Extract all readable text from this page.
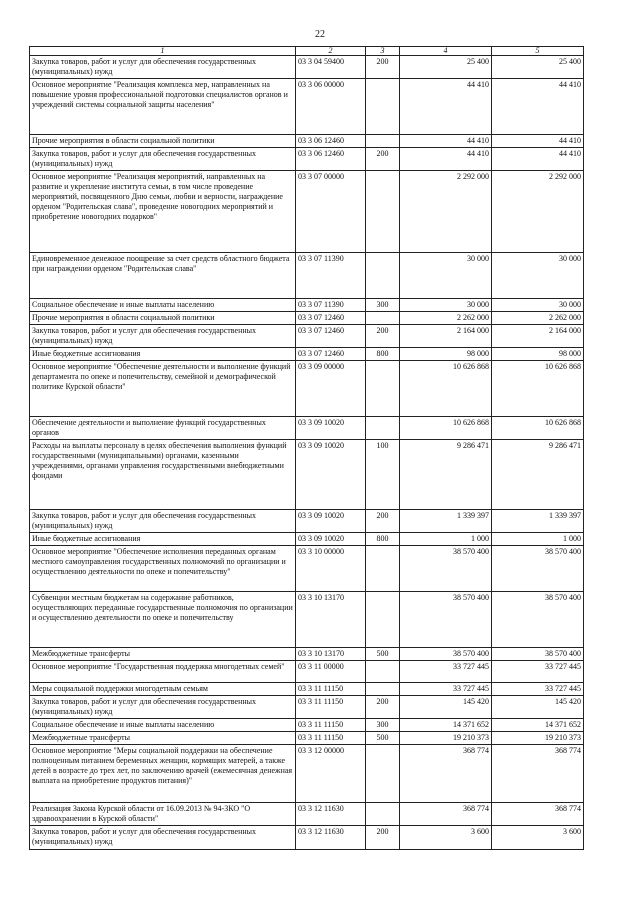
22
1	2	3	4	5
Закупка товаров, работ и услуг для обеспечения государственных (муниципальных) нужд	03 3 04 59400	200	25 400	25 400
Основное мероприятие "Реализация комплекса мер, направленных на повышение уровня профессиональной подготовки специалистов органов и учреждений системы социальной защиты населения"	03 3 06 00000		44 410	44 410
Прочие мероприятия в области социальной политики	03 3 06 12460		44 410	44 410
Закупка товаров, работ и услуг для обеспечения государственных (муниципальных) нужд	03 3 06 12460	200	44 410	44 410
Основное мероприятие "Реализация мероприятий, направленных на развитие и укрепление института семьи, в том числе проведение мероприятий, посвященного Дню семьи, любви и верности, награждение орденом "Родительская слава", проведение новогодних мероприятий и приобретение новогодних подарков"	03 3 07 00000		2 292 000	2 292 000
Единовременное денежное поощрение за счет средств областного бюджета при награждении орденом "Родительская слава"	03 3 07 11390		30 000	30 000
Социальное обеспечение и иные выплаты населению	03 3 07 11390	300	30 000	30 000
Прочие мероприятия в области социальной политики	03 3 07 12460		2 262 000	2 262 000
Закупка товаров, работ и услуг для обеспечения государственных (муниципальных) нужд	03 3 07 12460	200	2 164 000	2 164 000
Иные бюджетные ассигнования	03 3 07 12460	800	98 000	98 000
Основное мероприятие "Обеспечение деятельности и выполнение функций департамента по опеке и попечительству, семейной и демографической политике Курской области"	03 3 09 00000		10 626 868	10 626 868
Обеспечение деятельности и выполнение функций государственных органов	03 3 09 10020		10 626 868	10 626 868
Расходы на выплаты персоналу в целях обеспечения выполнения функций государственными (муниципальными) органами, казенными учреждениями, органами управления государственными внебюджетными фондами	03 3 09 10020	100	9 286 471	9 286 471
Закупка товаров, работ и услуг для обеспечения государственных (муниципальных) нужд	03 3 09 10020	200	1 339 397	1 339 397
Иные бюджетные ассигнования	03 3 09 10020	800	1 000	1 000
Основное мероприятие "Обеспечение исполнения переданных органам местного самоуправления государственных полномочий по организации и осуществлению деятельности по опеке и попечительству"	03 3 10 00000		38 570 400	38 570 400
Субвенции местным бюджетам на содержание работников, осуществляющих переданные государственные полномочия по организации и осуществлению деятельности по опеке и попечительству	03 3 10 13170		38 570 400	38 570 400
Межбюджетные трансферты	03 3 10 13170	500	38 570 400	38 570 400
Основное мероприятие "Государственная поддержка многодетных семей"	03 3 11 00000		33 727 445	33 727 445
Меры социальной поддержки многодетным семьям	03 3 11 11150		33 727 445	33 727 445
Закупка товаров, работ и услуг для обеспечения государственных (муниципальных) нужд	03 3 11 11150	200	145 420	145 420
Социальное обеспечение и иные выплаты населению	03 3 11 11150	300	14 371 652	14 371 652
Межбюджетные трансферты	03 3 11 11150	500	19 210 373	19 210 373
Основное мероприятие "Меры социальной поддержки на обеспечение полноценным питанием беременных женщин, кормящих матерей, а также детей в возрасте до трех лет, по заключению врачей (ежемесячная денежная выплата на приобретение продуктов питания)"	03 3 12 00000		368 774	368 774
Реализация Закона Курской области от 16.09.2013 № 94-ЗКО "О здравоохранении в Курской области"	03 3 12 11630		368 774	368 774
Закупка товаров, работ и услуг для обеспечения государственных (муниципальных) нужд	03 3 12 11630	200	3 600	3 600
